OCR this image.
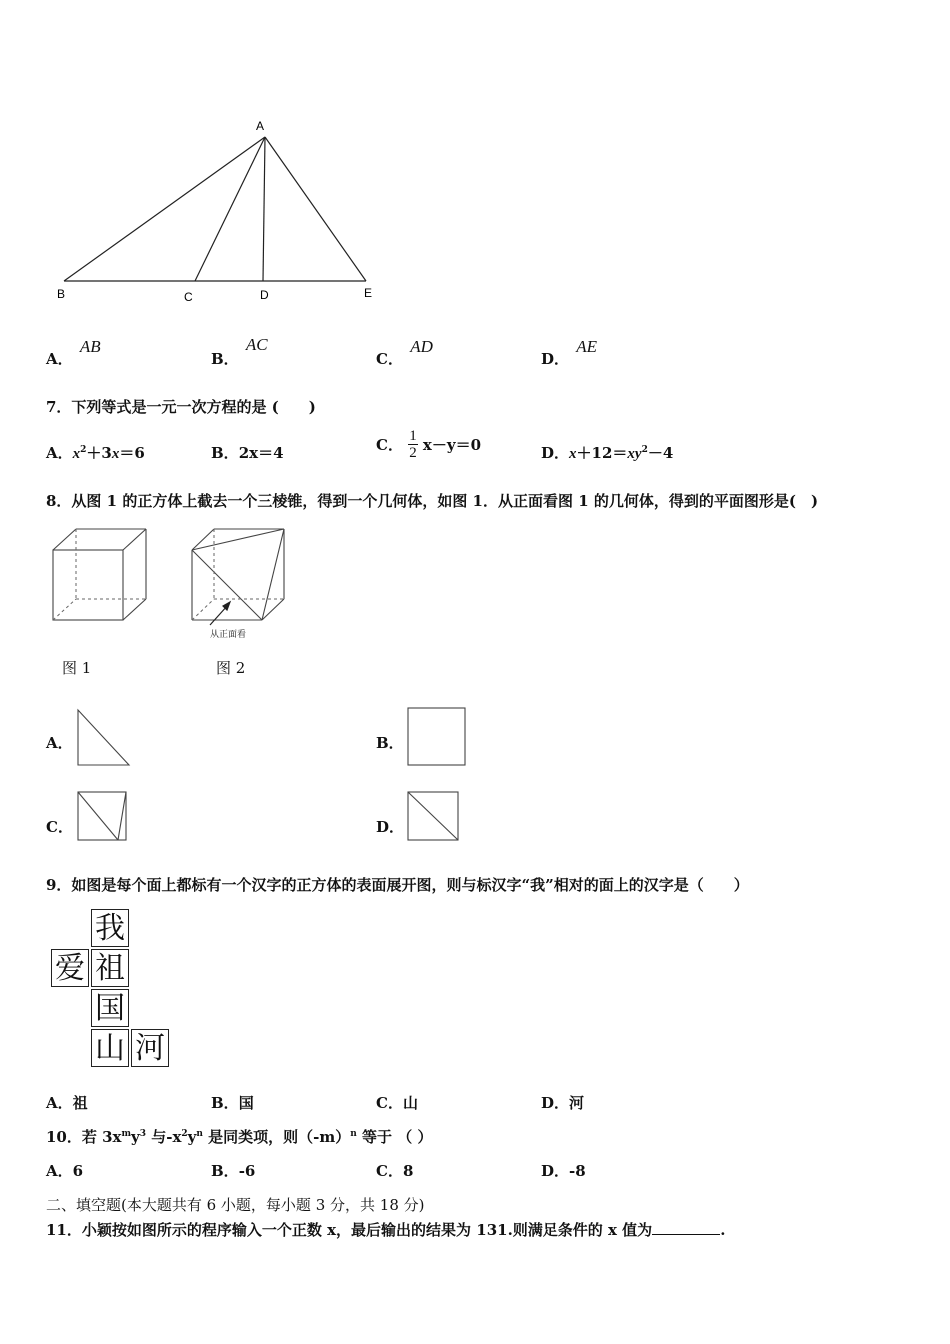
A
B	C	D	E
A． AB
B． AC
C． AD
D． AE
7．下列等式是一元一次方程的是 (　　)
A．$x^2+3x=6$	B．2x＝4	C． $\frac{1}{2} x-y=0$	D．$x+12=xy^2-4$
8．从图 1 的正方体上截去一个三棱锥，得到一个几何体，如图 1．从正面看图 1 的几何体，得到的平面图形是(　)
从正面看
图 1	图 2
A．	B．
C．	D．
9．如图是每个面上都标有一个汉字的正方体的表面展开图，则与标汉字“我”相对的面上的汉字是（　　）
我
爱 祖
国
山 河
A．祖	B．国	C．山	D．河
10．若 $3x^my^3$ 与$-x^2y^n$ 是同类项，则$(-m)^n$ 等于 （ ）
A．6	B．-6	C．8	D．-8
二、填空题(本大题共有 6 小题，每小题 3 分，共 18 分)
11．小颖按如图所示的程序输入一个正数 x，最后输出的结果为 131.则满足条件的 x 值为	.
